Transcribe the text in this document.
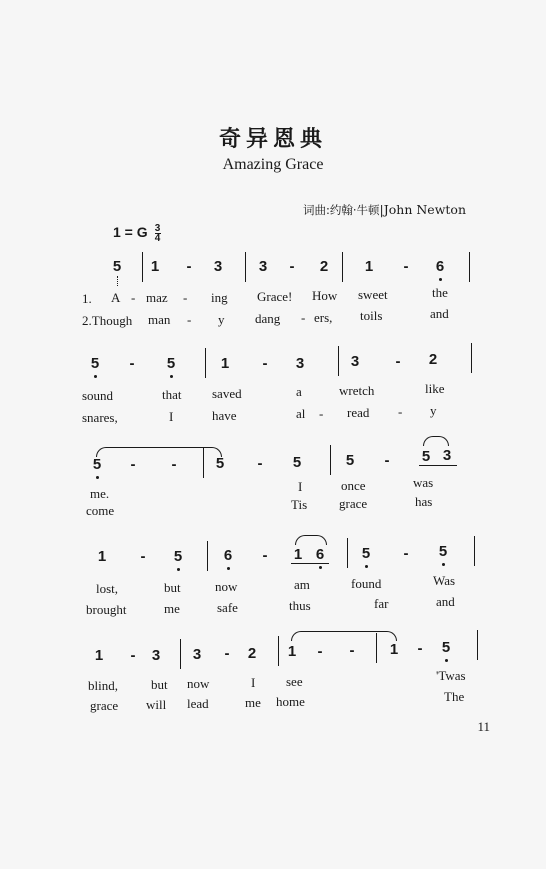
奇异恩典
Amazing Grace
词曲:约翰·牛顿|John Newton
1 = G $\frac{3}{4}$
5 1	-	3 3	-	2 1	-	6
1. A - maz - ing Grace! How sweet	the
2.Though man - y dang - ers, toils	and
5	-	5	1	-	3	3	-	2
sound	that saved	a	wretch	like
snares,	I	have	al - read - y
5	-	-	5	-	5	5	-	5 3
me.	I	once	was
come	Tis grace	has
1	-	5	6	-	1 6	5	-	5
lost,	but	now	am	found	Was
brought	me	safe	thus	far	and
1	-	3 3	-	2 1	-	-	1	-	5
blind,	but now	I see	'Twas
grace will lead	me home	The
11
